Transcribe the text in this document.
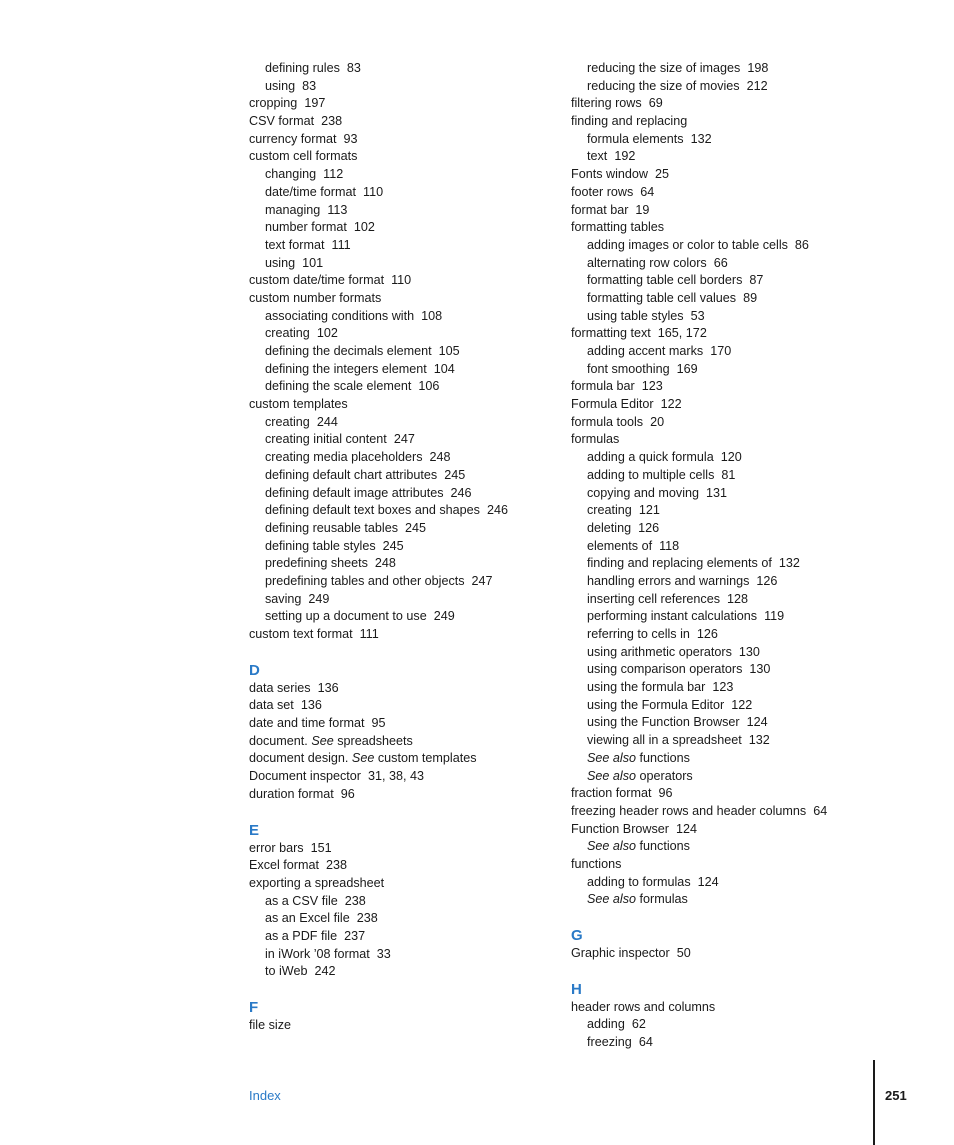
defining rules 83
using 83
cropping 197
CSV format 238
currency format 93
custom cell formats
changing 112
date/time format 110
managing 113
number format 102
text format 111
using 101
custom date/time format 110
custom number formats
associating conditions with 108
creating 102
defining the decimals element 105
defining the integers element 104
defining the scale element 106
custom templates
creating 244
creating initial content 247
creating media placeholders 248
defining default chart attributes 245
defining default image attributes 246
defining default text boxes and shapes 246
defining reusable tables 245
defining table styles 245
predefining sheets 248
predefining tables and other objects 247
saving 249
setting up a document to use 249
custom text format 111
D
data series 136
data set 136
date and time format 95
document. See spreadsheets
document design. See custom templates
Document inspector 31, 38, 43
duration format 96
E
error bars 151
Excel format 238
exporting a spreadsheet
as a CSV file 238
as an Excel file 238
as a PDF file 237
in iWork ’08 format 33
to iWeb 242
F
file size
reducing the size of images 198
reducing the size of movies 212
filtering rows 69
finding and replacing
formula elements 132
text 192
Fonts window 25
footer rows 64
format bar 19
formatting tables
adding images or color to table cells 86
alternating row colors 66
formatting table cell borders 87
formatting table cell values 89
using table styles 53
formatting text 165, 172
adding accent marks 170
font smoothing 169
formula bar 123
Formula Editor 122
formula tools 20
formulas
adding a quick formula 120
adding to multiple cells 81
copying and moving 131
creating 121
deleting 126
elements of 118
finding and replacing elements of 132
handling errors and warnings 126
inserting cell references 128
performing instant calculations 119
referring to cells in 126
using arithmetic operators 130
using comparison operators 130
using the formula bar 123
using the Formula Editor 122
using the Function Browser 124
viewing all in a spreadsheet 132
See also functions
See also operators
fraction format 96
freezing header rows and header columns 64
Function Browser 124
See also functions
functions
adding to formulas 124
See also formulas
G
Graphic inspector 50
H
header rows and columns
adding 62
freezing 64
Index	251
